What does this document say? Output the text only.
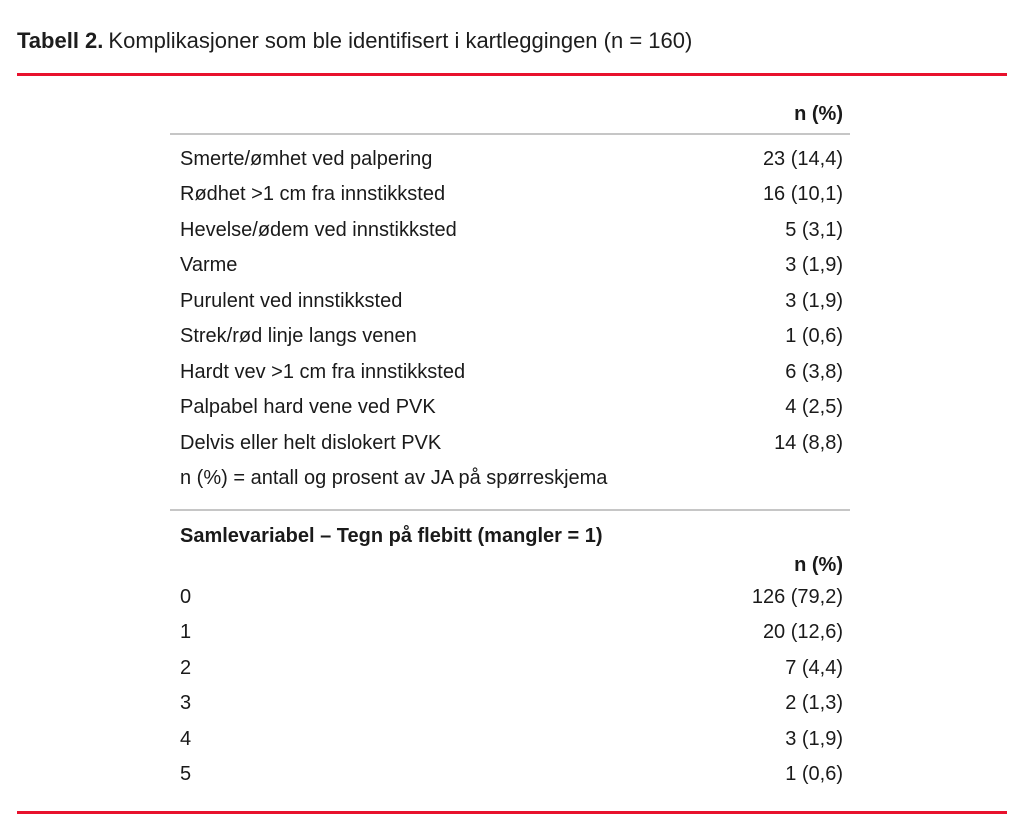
Tabell 2. Komplikasjoner som ble identifisert i kartleggingen (n = 160)
n (%)
Smerte/ømhet ved palpering	23 (14,4)
Rødhet >1 cm fra innstikksted	16 (10,1)
Hevelse/ødem ved innstikksted	5 (3,1)
Varme	3 (1,9)
Purulent ved innstikksted	3 (1,9)
Strek/rød linje langs venen	1 (0,6)
Hardt vev >1 cm fra innstikksted	6 (3,8)
Palpabel hard vene ved PVK	4 (2,5)
Delvis eller helt dislokert PVK	14 (8,8)
n (%) = antall og prosent av JA på spørreskjema
Samlevariabel – Tegn på flebitt (mangler = 1)
n (%)
0	126 (79,2)
1	20 (12,6)
2	7 (4,4)
3	2 (1,3)
4	3 (1,9)
5	1 (0,6)
